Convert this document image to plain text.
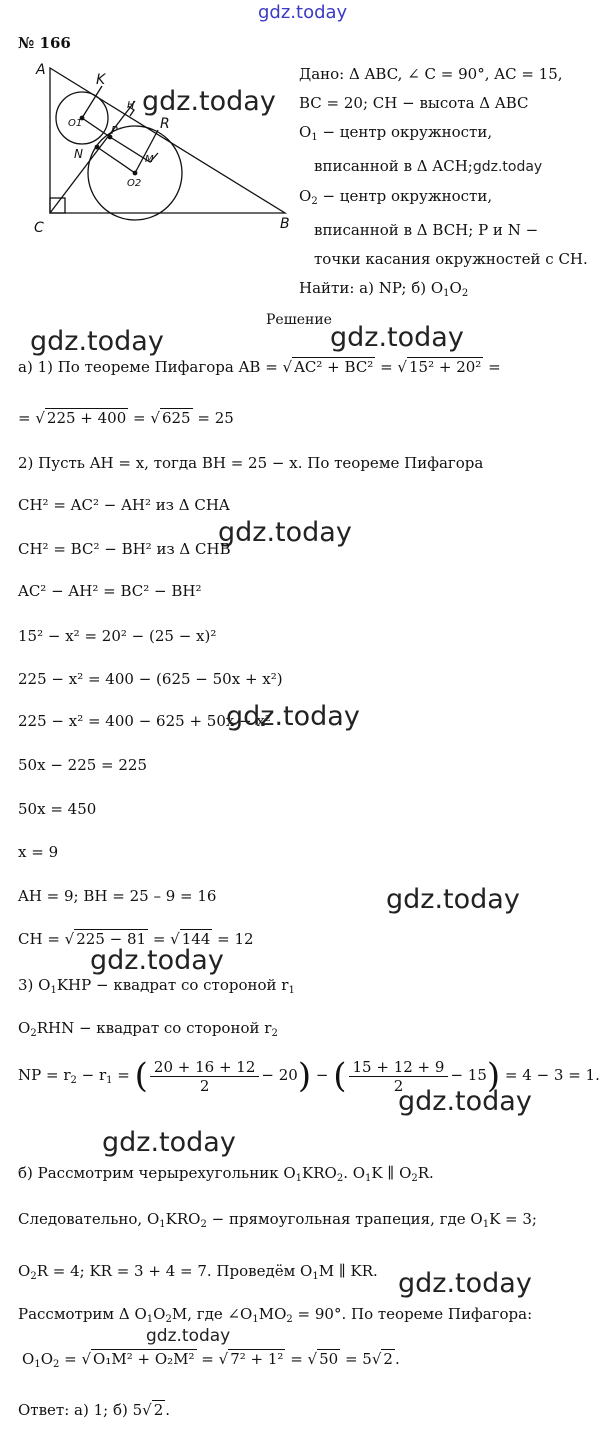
gdz.today
№ 166
A
K
H
R
O1
P
N	M
O2
C	B
gdz.today
Дано: Δ ABC, ∠ C = 90°, AC = 15,
BC = 20; CH − высота Δ ABC
$O_1$ − центр окружности,
вписанной в Δ ACH;gdz.today
$O_2$ − центр окружности,
вписанной в Δ BCH; P и N −
точки касания окружностей с CH.
Найти: а) NP; б) $O_1O_2$
Решение
gdz.today	gdz.today
а) 1) По теореме Пифагора AB = √ AC² + BC² = √ 15² + 20² =
= √ 225 + 400 = √ 625 = 25
2) Пусть AH = x, тогда BH = 25 − x. По теореме Пифагора
CH² = AC² − AH² из Δ CHA
gdz.today
CH² = BC² − BH² из Δ CHB
AC² − AH² = BC² − BH²
15² − x² = 20² − (25 − x)²
225 − x² = 400 − (625 − 50x + x²)
225 − x² = 400 − 625 + 50x − x²
gdz.today
50x − 225 = 225
50x = 450
x = 9
AH = 9; BH = 25 – 9 = 16	gdz.today
CH = √ 225 − 81 = √ 144 = 12
gdz.today
3) $O_1KHP$ − квадрат со стороной $r_1$
$O_2RHN$ − квадрат со стороной $r_2$
NP = $r_2 - r_1$ = ( $\frac{20 + 16 + 12}{2} - 20$) − ( $\frac{15 + 12 + 9}{2} - 15) = 4 - 3 = 1$.
gdz.today
gdz.today
б) Рассмотрим черырехугольник $O_1KRO_2$. $O_1K$ ∥ $O_2R$.
Следовательно, $O_1KRO_2$ − прямоугольная трапеция, где $O_1K = 3$;
$O_2R = 4$; KR = 3 + 4 = 7. Проведём $O_1M$ ∥ KR. gdz.today
Рассмотрим Δ $O_1O_2M$, где $\angle O_1MO_2 = 90^\circ$. По теореме Пифагора:
gdz.today
$O_1O_2$ = √ O₁M² + O₂M² = √ 7² + 1² = √ 50 = 5√ 2 .
Ответ: а) 1; б) 5√ 2 .
